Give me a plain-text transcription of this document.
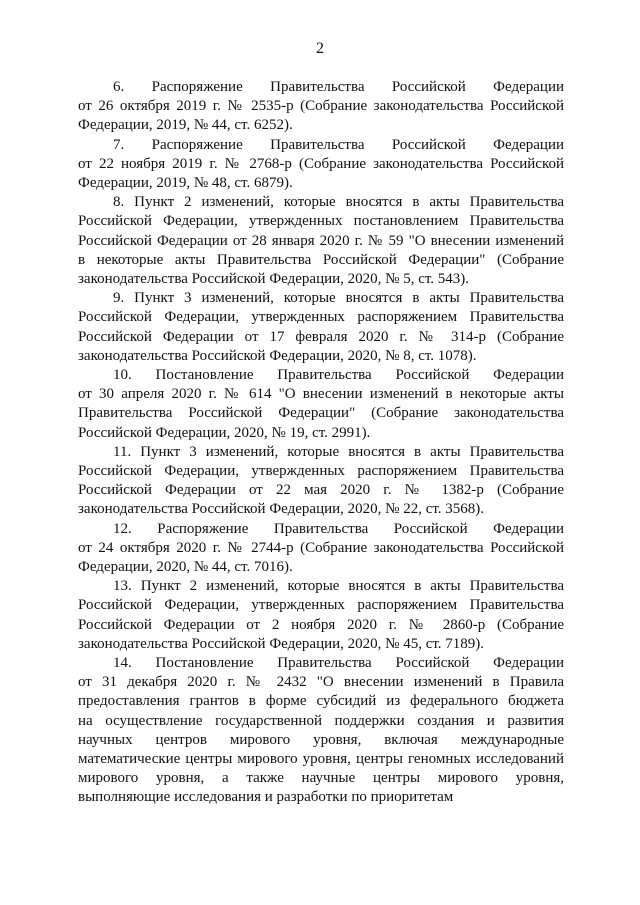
2
6. Распоряжение Правительства Российской Федерации
от 26 октября 2019 г. № 2535-р (Собрание законодательства Российской
Федерации, 2019, № 44, ст. 6252).
7. Распоряжение Правительства Российской Федерации
от 22 ноября 2019 г. № 2768-р (Собрание законодательства Российской
Федерации, 2019, № 48, ст. 6879).
8. Пункт 2 изменений, которые вносятся в акты Правительства
Российской Федерации, утвержденных постановлением Правительства
Российской Федерации от 28 января 2020 г. № 59 "О внесении изменений
в некоторые акты Правительства Российской Федерации" (Собрание
законодательства Российской Федерации, 2020, № 5, ст. 543).
9. Пункт 3 изменений, которые вносятся в акты Правительства
Российской Федерации, утвержденных распоряжением Правительства
Российской Федерации от 17 февраля 2020 г. № 314-р (Собрание
законодательства Российской Федерации, 2020, № 8, ст. 1078).
10. Постановление Правительства Российской Федерации
от 30 апреля 2020 г. № 614 "О внесении изменений в некоторые акты
Правительства Российской Федерации" (Собрание законодательства
Российской Федерации, 2020, № 19, ст. 2991).
11. Пункт 3 изменений, которые вносятся в акты Правительства
Российской Федерации, утвержденных распоряжением Правительства
Российской Федерации от 22 мая 2020 г. № 1382-р (Собрание
законодательства Российской Федерации, 2020, № 22, ст. 3568).
12. Распоряжение Правительства Российской Федерации
от 24 октября 2020 г. № 2744-р (Собрание законодательства Российской
Федерации, 2020, № 44, ст. 7016).
13. Пункт 2 изменений, которые вносятся в акты Правительства
Российской Федерации, утвержденных распоряжением Правительства
Российской Федерации от 2 ноября 2020 г. № 2860-р (Собрание
законодательства Российской Федерации, 2020, № 45, ст. 7189).
14. Постановление Правительства Российской Федерации
от 31 декабря 2020 г. № 2432 "О внесении изменений в Правила
предоставления грантов в форме субсидий из федерального бюджета
на осуществление государственной поддержки создания и развития
научных центров мирового уровня, включая международные
математические центры мирового уровня, центры геномных исследований
мирового уровня, а также научные центры мирового уровня,
выполняющие исследования и разработки по приоритетам
